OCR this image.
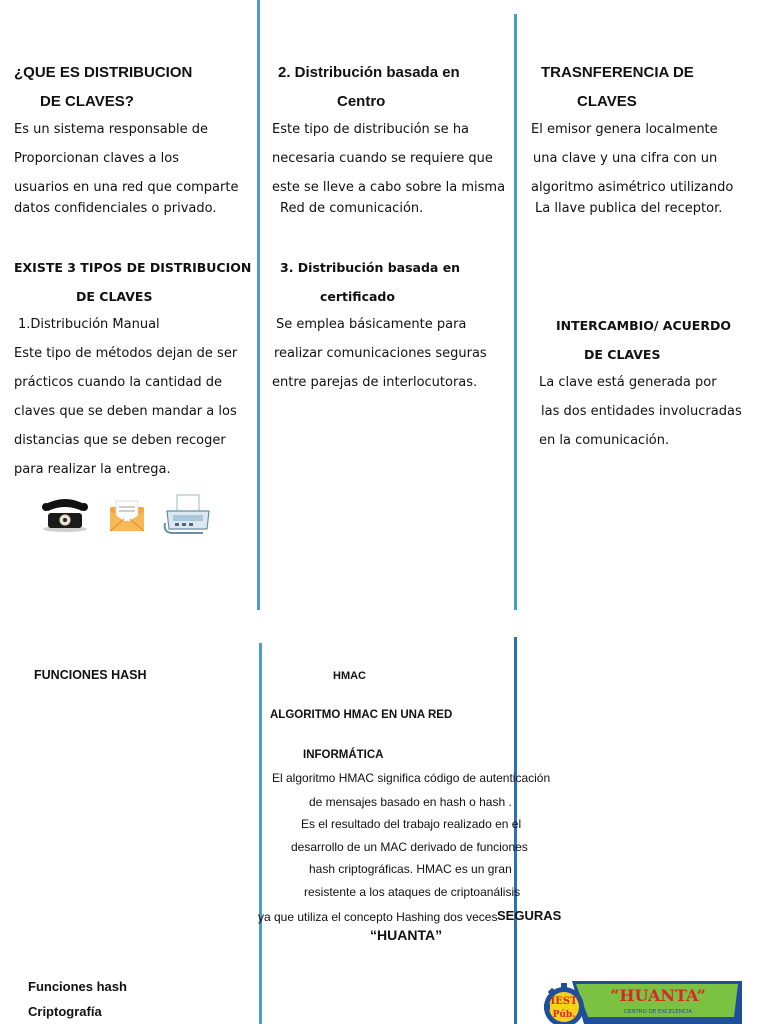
¿QUE ES DISTRIBUCION
DE CLAVES?
Es un sistema responsable de
Proporcionan claves a los
usuarios en una red que comparte
datos confidenciales o privado.
EXISTE 3 TIPOS DE DISTRIBUCION
DE CLAVES
1.Distribución Manual
Este tipo de métodos dejan de ser
prácticos cuando la cantidad de
claves que se deben mandar a los
distancias que se deben recoger
para realizar la entrega.
2. Distribución basada en
Centro
Este tipo de distribución se ha
necesaria cuando se requiere que
este se lleve a cabo sobre la misma
Red de comunicación.
3. Distribución basada en
certificado
Se emplea básicamente para
realizar comunicaciones seguras
entre parejas de interlocutoras.
TRASNFERENCIA DE
CLAVES
El emisor genera localmente
una clave y una cifra con un
algoritmo asimétrico utilizando
La llave publica del receptor.
INTERCAMBIO/ ACUERDO
DE CLAVES
La clave está generada por
las dos entidades involucradas
en la comunicación.
FUNCIONES HASH	HMAC
ALGORITMO HMAC EN UNA RED
INFORMÁTICA
El algoritmo HMAC significa código de autenticación
de mensajes basado en hash o hash .
Es el resultado del trabajo realizado en el
desarrollo de un MAC derivado de funciones
hash criptográficas. HMAC es un gran
resistente a los ataques de criptoanálisis
ya que utiliza el concepto Hashing dos veces SEGURAS
“HUANTA”
Funciones hash
Criptografía
IEST
Púb.
“HUANTA”
CENTRO DE EXCELENCIA
